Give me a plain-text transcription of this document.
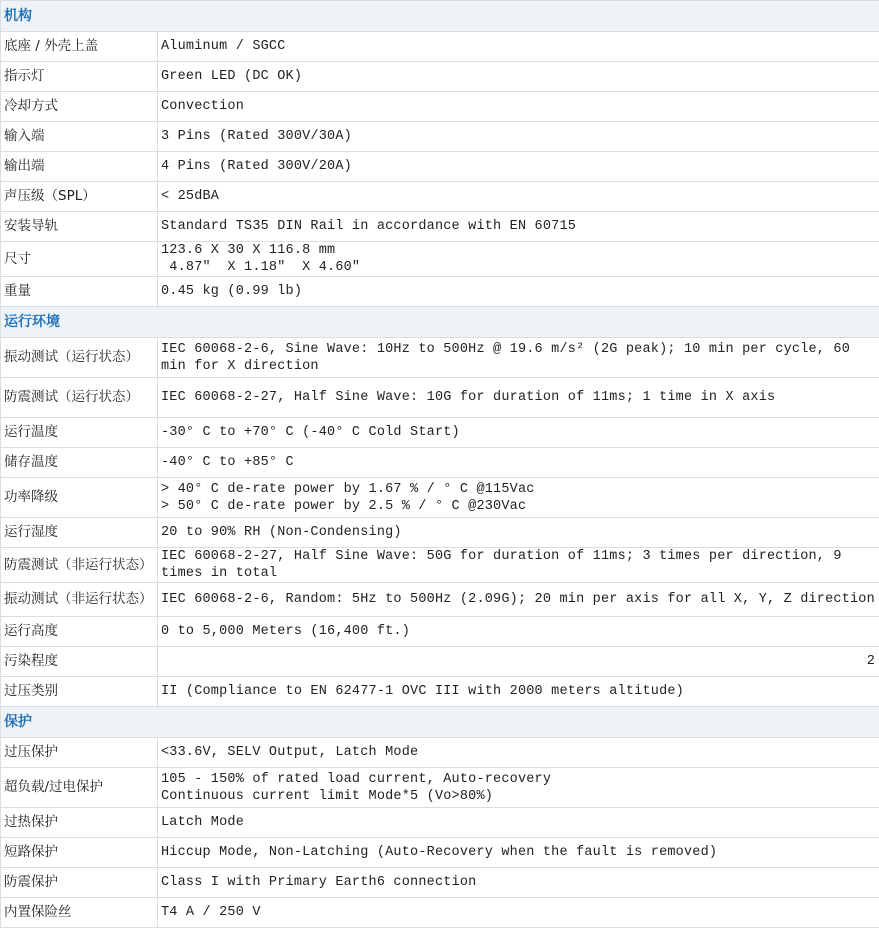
机构	
底座 / 外壳上盖	Aluminum / SGCC
指示灯	Green LED (DC OK)
冷却方式	Convection
输入端	3 Pins (Rated 300V/30A)
输出端	4 Pins (Rated 300V/20A)
声压级（SPL）	< 25dBA
安装导轨	Standard TS35 DIN Rail in accordance with EN 60715
尺寸	123.6 X 30 X 116.8 mm
4.87″  X 1.18″  X 4.60″

重量	0.45 kg (0.99 lb)
运行环境	
振动测试（运行状态）	IEC 60068-2-6, Sine Wave: 10Hz to 500Hz @ 19.6 m/s² (2G peak); 10 min per cycle, 60 min for X direction
防震测试（运行状态）	IEC 60068-2-27, Half Sine Wave: 10G for duration of 11ms; 1 time in X axis
运行温度	-30° C to +70° C (-40° C Cold Start)
储存温度	-40° C to +85° C
功率降级	> 40° C de-rate power by 1.67 % / ° C @115Vac
> 50° C de-rate power by 2.5 % / ° C @230Vac

运行湿度	20 to 90% RH (Non-Condensing)
防震测试（非运行状态）	IEC 60068-2-27, Half Sine Wave: 50G for duration of 11ms; 3 times per direction, 9 times in total
振动测试（非运行状态）	IEC 60068-2-6, Random: 5Hz to 500Hz (2.09G); 20 min per axis for all X, Y, Z direction
运行高度	0 to 5,000 Meters (16,400 ft.)
污染程度	2
过压类别	II (Compliance to EN 62477-1 OVC III with 2000 meters altitude)
保护	
过压保护	<33.6V, SELV Output, Latch Mode
超负载/过电保护	105 - 150% of rated load current, Auto-recovery
Continuous current limit Mode*5 (Vo>80%)

过热保护	Latch Mode
短路保护	Hiccup Mode, Non-Latching (Auto-Recovery when the fault is removed)
防震保护	Class I with Primary Earth6 connection
内置保险丝	T4 A / 250 V
